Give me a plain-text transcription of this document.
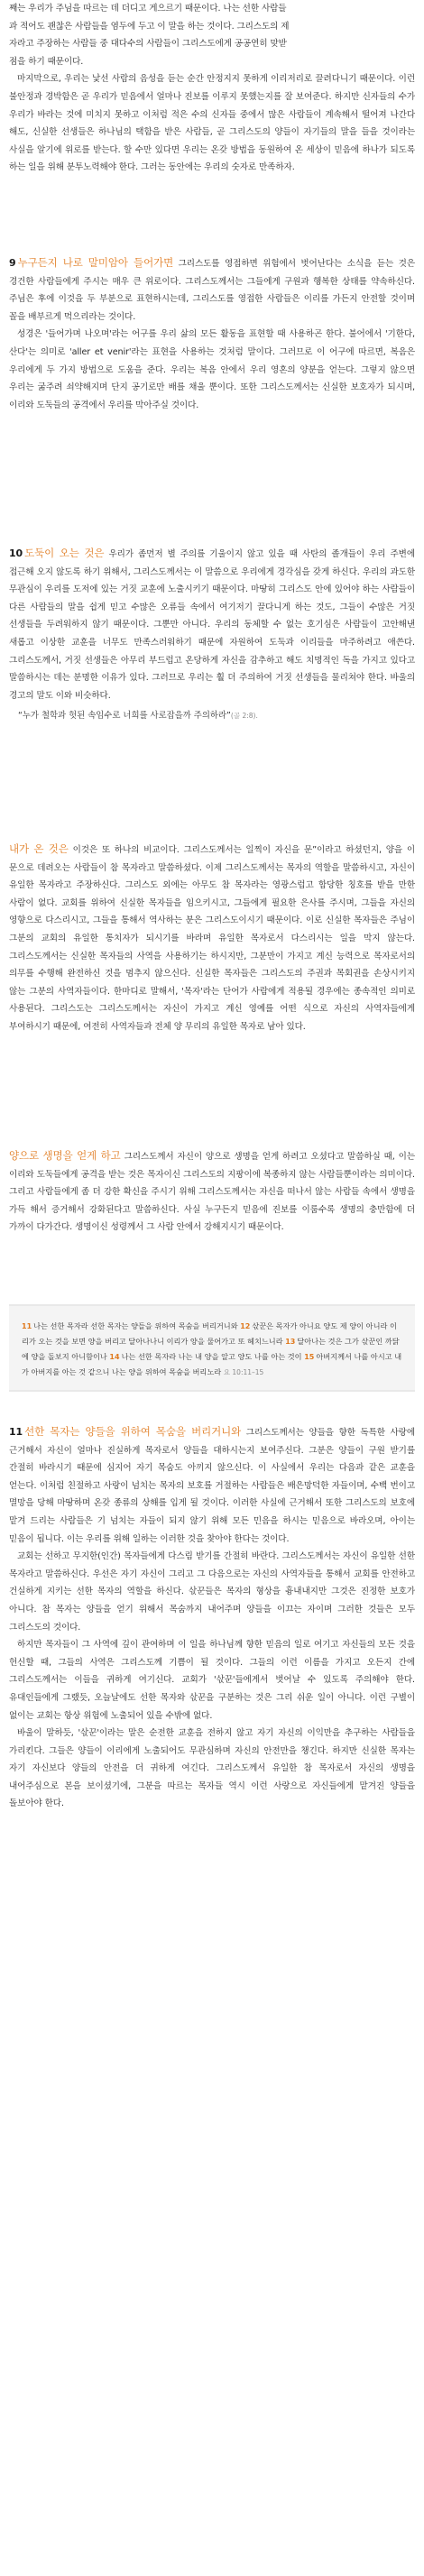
째는 우리가 주님을 따르는 데 더디고 게으르기 때문이다. 나는 선한 사람들

과 적어도 괜찮은 사람들을 염두에 두고 이 말을 하는 것이다. 그리스도의 제

자라고 주장하는 사람들 중 대다수의 사람들이 그리스도에게 공공연히 맞받

점을 하기 때문이다.

마지막으로, 우리는 낯선 사람의 음성을 듣는 순간 안정지지 못하게 이리저리로 끌려다니기 때문이다. 이런 불안정과 경박함은 곧 우리가 믿음에서 얼마나 진보를 이루지 못했는지를 잘 보여준다. 하지만 신자들의 수가 우리가 바라는 것에 미치지 못하고 이처럼 적은 수의 신자들 중에서 많은 사람들이 계속해서 떨어져 나간다 해도, 신실한 선생들은 하나님의 택함을 받은 사람들, 곧 그리스도의 양들이 자기들의 말을 들을 것이라는 사실을 알기에 위로를 받는다. 할 수만 있다면 우리는 온갖 방법을 동원하여 온 세상이 믿음에 하나가 되도록 하는 일을 위해 분투노력해야 한다. 그러는 동안에는 우리의 숫자로 만족하자.

9 누구든지 나로 말미암아 들어가면 그리스도를 영접하면 위험에서 벗어난다는 소식을 듣는 것은 경건한 사람들에게 주시는 매우 큰 위로이다. 그리스도께서는 그들에게 구원과 행복한 상태를 약속하신다. 주님은 후에 이것을 두 부분으로 표현하시는데, 그리스도를 영접한 사람들은 이리를 가든지 안전할 것이며 꼴을 배부르게 먹으리라는 것이다.

성경은 '들어가며 나오며'라는 어구를 우리 삶의 모든 활동을 표현할 때 사용하곤 한다. 불어에서 '기한다, 산다'는 의미로 'aller et venir'라는 표현을 사용하는 것처럼 말이다. 그러므로 이 어구에 따르면, 복음은 우리에게 두 가지 방법으로 도움을 준다. 우리는 복음 안에서 우리 영혼의 양분을 얻는다. 그렇지 않으면 우리는 굶주려 쇠약해지며 단지 공기로만 배를 채울 뿐이다. 또한 그리스도께서는 신실한 보호자가 되시며, 이리와 도둑들의 공격에서 우리를 막아주실 것이다.

10 도둑이 오는 것은 우리가 좀먼저 별 주의를 기울이지 않고 있을 때 사탄의 졸개들이 우리 주변에 접근해 오지 않도록 하기 위해서, 그리스도께서는 이 말씀으로 우리에게 경각심을 갖게 하신다. 우리의 과도한 무관심이 우리를 도저에 있는 거짓 교훈에 노출시키기 때문이다. 마땅히 그리스도 안에 있어야 하는 사람들이 다른 사람들의 말을 쉽게 믿고 수많은 오류들 속에서 여기저기 끌다니게 하는 것도, 그들이 수많은 거짓 선생들을 두려워하지 않기 때문이다. 그뿐만 아니다. 우리의 동체할 수 없는 호기심은 사람들이 고안해낸 새롭고 이상한 교훈을 너무도 만족스러워하기 때문에 자원하여 도둑과 이리들을 마주하려고 애쓴다. 그리스도께서, 거짓 선생들은 아무리 부드럽고 온당하게 자신을 감추하고 해도 치명적인 독을 가지고 있다고 말씀하시는 데는 분명한 이유가 있다. 그러므로 우리는 훨 더 주의하여 거짓 선생들을 물리쳐야 한다. 바울의 경고의 말도 이와 비슷하다.

“누가 철학과 헛된 속임수로 너희를 사로잡을까 주의하라”(골 2:8).

내가 온 것은 이것은 또 하나의 비교이다. 그리스도께서는 일찍이 자신을 문”이라고 하셨던지, 양을 이 문으로 데려오는 사람들이 참 목자라고 말씀하셨다. 이제 그리스도께서는 목자의 역할을 말씀하시고, 자신이 유일한 목자라고 주장하신다. 그리스도 외에는 아무도 참 목자라는 영광스럽고 합당한 칭호를 받을 만한 사람이 없다. 교회를 위하여 신실한 목자들을 임으키시고, 그들에게 필요한 은사를 주시며, 그들을 자신의 영향으로 다스리시고, 그들을 통해서 역사하는 분은 그리스도이시기 때문이다. 이로 신실한 목자들은 주님이 그분의 교회의 유일한 통치자가 되시기를 바라며 유일한 목자로서 다스리시는 일을 막지 않는다. 그리스도께서는 신실한 목자들의 사역을 사용하기는 하시지만, 그분만이 가지고 계신 능력으로 목자로서의 의무를 수행해 완전하신 것을 멈추지 않으신다. 신실한 목자들은 그리스도의 주권과 목회권을 손상시키지 않는 그분의 사역자들이다. 한마디로 말해서, '목자'라는 단어가 사람에게 적용될 경우에는 종속적인 의미로 사용된다. 그리스도는 그리스도께서는 자신이 가지고 계신 영예를 어떤 식으로 자신의 사역자들에게 부여하시기 때문에, 여전히 사역자들과 전체 양 무리의 유일한 목자로 남아 있다.

양으로 생명을 얻게 하고 그리스도께서 자신이 양으로 생명을 얻게 하려고 오셨다고 말씀하실 때, 이는 이리와 도둑들에게 공격을 받는 것은 목자이신 그리스도의 지팡이에 복종하지 않는 사람들뿐이라는 의미이다. 그리고 사람들에게 좀 더 강한 확신을 주시기 위해 그리스도께서는 자신을 떠나서 않는 사람들 속에서 생명을 가득 해서 증거해서 강화된다고 말씀하신다. 사실 누구든지 믿음에 진보를 이룸수록 생명의 충만함에 더 가까이 다가간다. 생명이신 성령께서 그 사람 안에서 강해지시기 때문이다.

11 나는 선한 목자라 선한 목자는 양들을 위하여 목숨을 버리거니와 12 삯꾼은 목자가 아니요 양도 제 양이 아니라 이리가 오는 것을 보면 양을 버리고 달아나나니 이리가 양을 물어가고 또 헤치느니라 13 달아나는 것은 그가 삯꾼인 까닭에 양을 돌보지 아니함이나 14 나는 선한 목자라 나는 내 양을 알고 양도 나를 아는 것이 15 아버지께서 나를 아시고 내가 아버지를 아는 것 같으니 나는 양을 위하여 목숨을 버리노라 요 10:11–15

11 선한 목자는 양들을 위하여 목숨을 버리거니와 그리스도께서는 양들을 향한 독특한 사랑에 근거해서 자신이 얼마나 진실하게 목자로서 양들을 대하시는지 보여주신다. 그분은 양들이 구원 받기를 간절히 바라시기 때문에 심지어 자기 목숨도 아끼지 않으신다. 이 사실에서 우리는 다음과 같은 교훈을 얻는다. 이처럼 친절하고 사랑이 넘치는 목자의 보호를 거절하는 사람들은 배은망덕한 자들이며, 수백 번이고 멸망을 당해 마땅하며 온갖 종류의 상해를 입게 될 것이다. 이러한 사실에 근거해서 또한 그리스도의 보호에 맡겨 드리는 사람들은 기 넘치는 자들이 되지 않기 위해 모든 민음을 하시는 믿음으로 바라오며, 아이는 믿음이 됩니다. 이는 우리를 위해 일하는 이러한 것을 찾아야 한다는 것이다.

교회는 선하고 무지한(인간) 목자들에게 다스림 받기를 간절히 바란다. 그리스도께서는 자신이 유일한 선한 목자라고 말씀하신다. 우선은 자기 자신이 그리고 그 다음으로는 자신의 사역자들을 통해서 교회를 안전하고 건실하게 지키는 선한 목자의 역할을 하신다. 삯꾼들은 목자의 형상을 흉내내지만 그것은 진정한 보호가 아니다. 참 목자는 양들을 얻기 위해서 목숨까지 내어주며 양들을 이끄는 자이며 그러한 것들은 모두 그리스도의 것이다.

하지만 목자들이 그 사역에 깊이 관여하며 이 일을 하나님께 향한 믿음의 일로 여기고 자신들의 모든 것을 헌신할 때, 그들의 사역은 그리스도께 기쁨이 될 것이다. 그들의 이런 이름을 가지고 오든지 간에 그리스도께서는 이들을 귀하게 여기신다. 교회가 '삯꾼'들에게서 벗어날 수 있도록 주의해야 한다. 유대인들에게 그랬듯, 오늘날에도 선한 목자와 삯꾼을 구분하는 것은 그리 쉬운 일이 아니다. 이런 구별이 없이는 교회는 항상 위험에 노출되어 있을 수밖에 없다.

바울이 말하듯, '삯꾼'이라는 말은 순전한 교훈을 전하지 않고 자기 자신의 이익만을 추구하는 사람들을 가리킨다. 그들은 양들이 이리에게 노출되어도 무관심하며 자신의 안전만을 챙긴다. 하지만 신실한 목자는 자기 자신보다 양들의 안전을 더 귀하게 여긴다. 그리스도께서 유일한 참 목자로서 자신의 생명을 내어주심으로 본을 보이셨기에, 그분을 따르는 목자들 역시 이런 사랑으로 자신들에게 맡겨진 양들을 돌보아야 한다.
